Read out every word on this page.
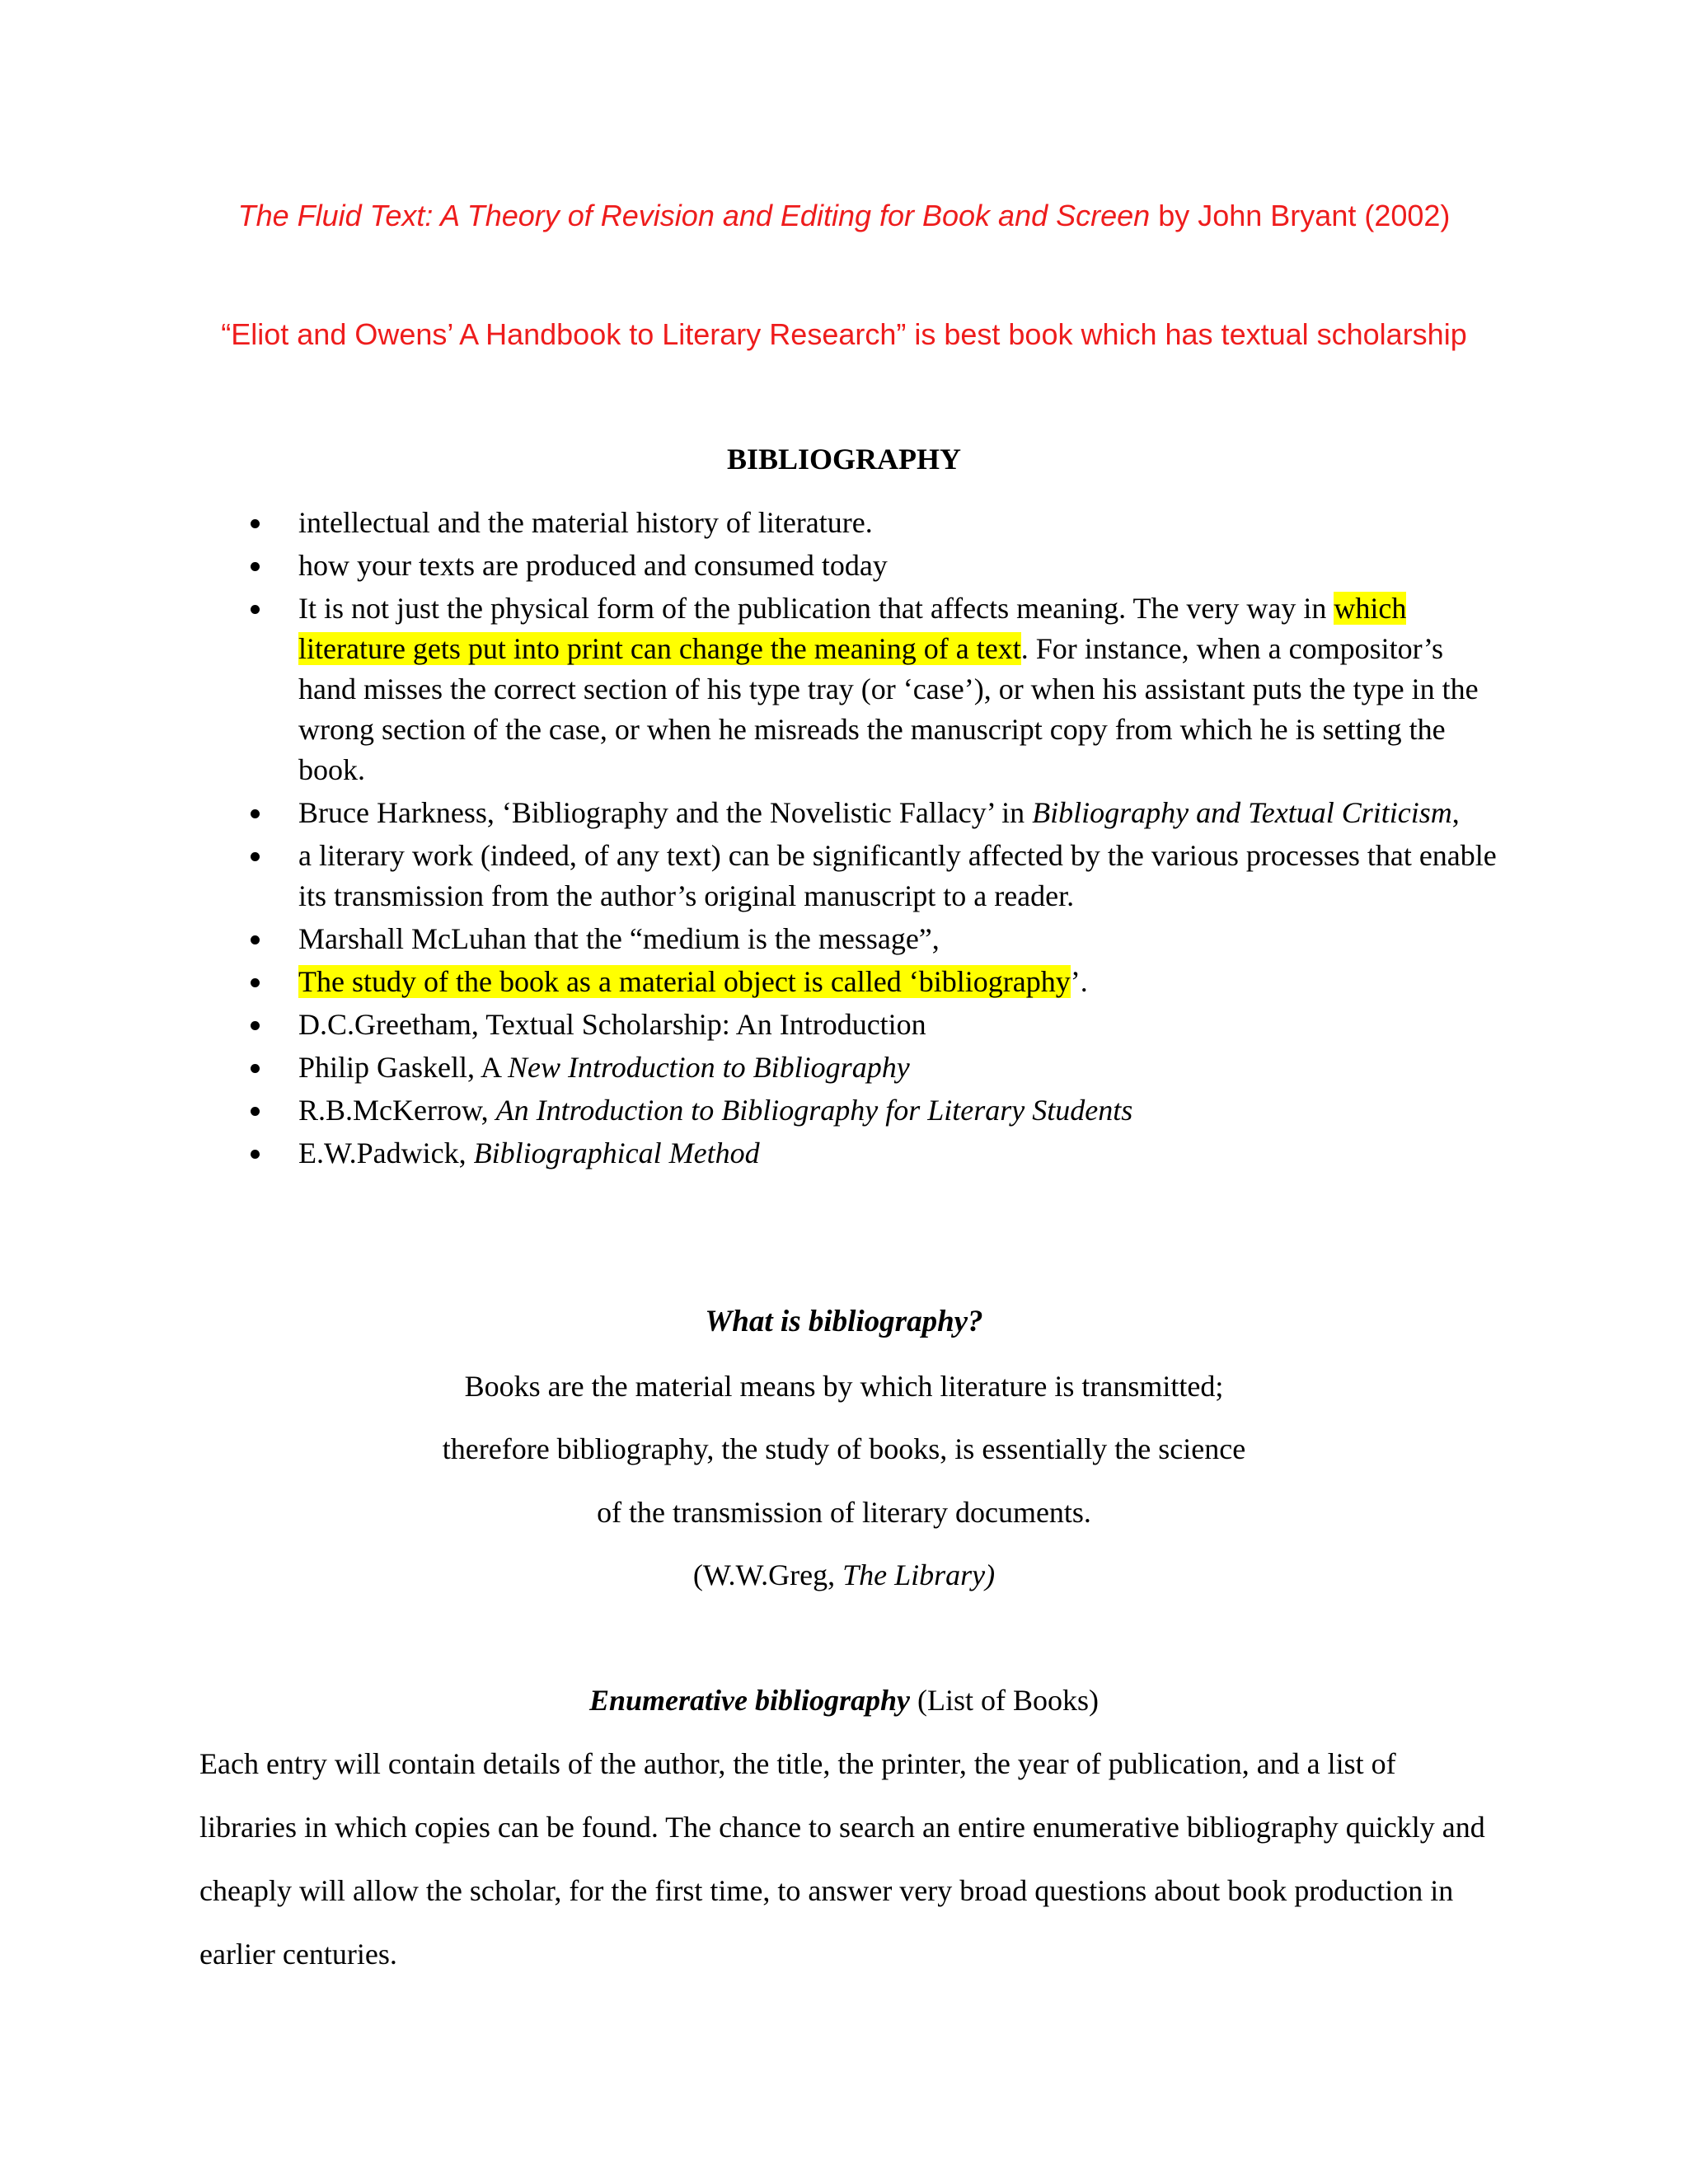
The Fluid Text: A Theory of Revision and Editing for Book and Screen by John Bryant (2002)
“Eliot and Owens’ A Handbook to Literary Research” is best book which has textual scholarship
BIBLIOGRAPHY
intellectual and the material history of literature.
how your texts are produced and consumed today
It is not just the physical form of the publication that affects meaning. The very way in which literature gets put into print can change the meaning of a text. For instance, when a compositor’s hand misses the correct section of his type tray (or ‘case’), or when his assistant puts the type in the wrong section of the case, or when he misreads the manuscript copy from which he is setting the book.
Bruce Harkness, ‘Bibliography and the Novelistic Fallacy’ in Bibliography and Textual Criticism,
a literary work (indeed, of any text) can be significantly affected by the various processes that enable its transmission from the author’s original manuscript to a reader.
Marshall McLuhan that the “medium is the message”,
The study of the book as a material object is called ‘bibliography’.
D.C.Greetham, Textual Scholarship: An Introduction
Philip Gaskell, A New Introduction to Bibliography
R.B.McKerrow, An Introduction to Bibliography for Literary Students
E.W.Padwick, Bibliographical Method
What is bibliography?
Books are the material means by which literature is transmitted;
therefore bibliography, the study of books, is essentially the science
of the transmission of literary documents.
(W.W.Greg, The Library)
Enumerative bibliography (List of Books)
Each entry will contain details of the author, the title, the printer, the year of publication, and a list of libraries in which copies can be found. The chance to search an entire enumerative bibliography quickly and cheaply will allow the scholar, for the first time, to answer very broad questions about book production in earlier centuries.
